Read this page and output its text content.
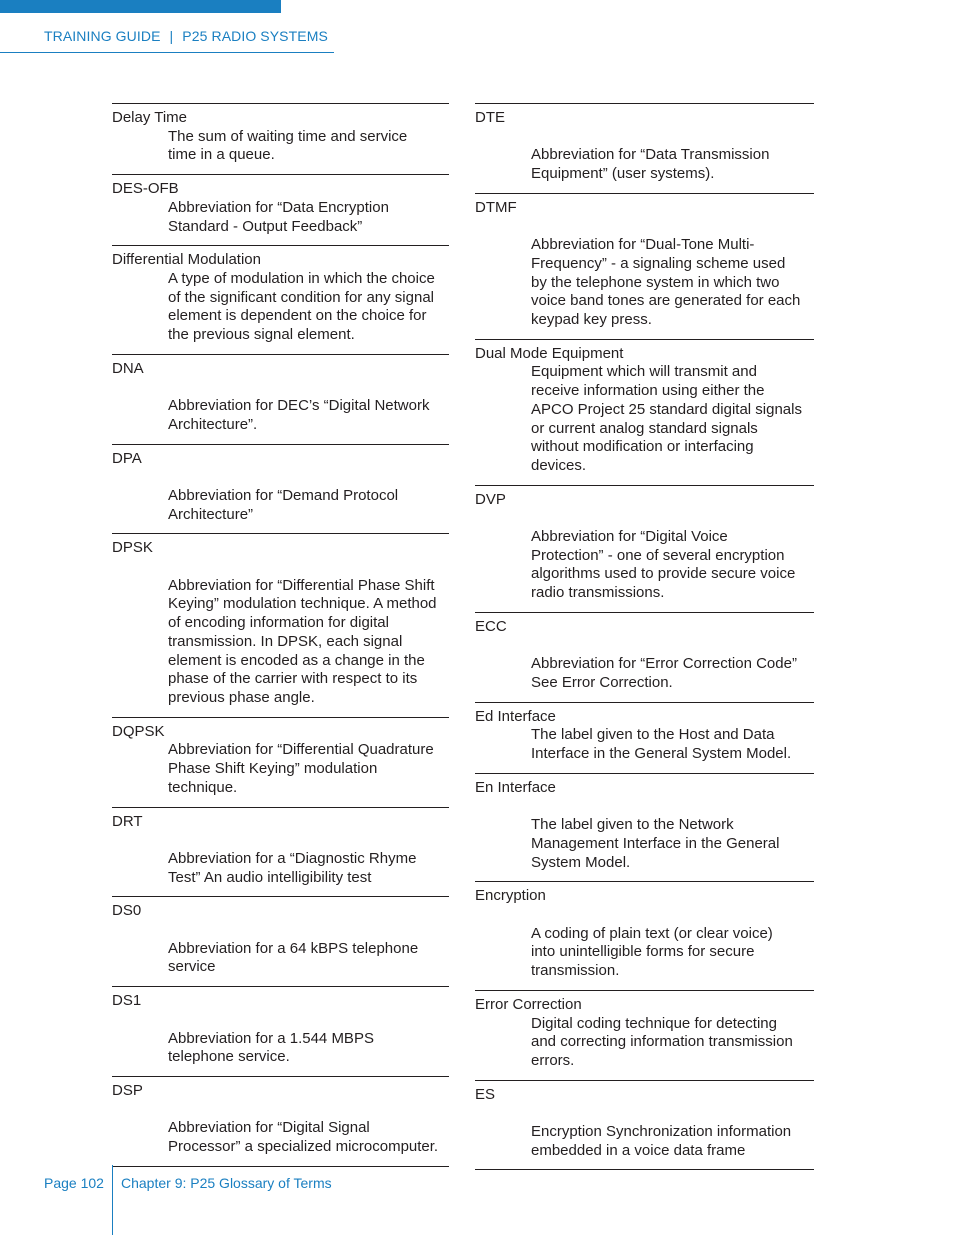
TRAINING GUIDE | P25 RADIO SYSTEMS
Delay Time
The sum of waiting time and service
time in a queue.
DES-OFB
Abbreviation for “Data Encryption
Standard - Output Feedback”
Differential Modulation
A type of modulation in which the choice
of the significant condition for any signal
element is dependent on the choice for
the previous signal element.
DNA

Abbreviation for DEC’s “Digital Network
Architecture”.
DPA

Abbreviation for “Demand Protocol
Architecture”
DPSK

Abbreviation for “Differential Phase Shift
Keying” modulation technique. A method
of encoding information for digital
transmission. In DPSK, each signal
element is encoded as a change in the
phase of the carrier with respect to its
previous phase angle.
DQPSK
Abbreviation for “Differential Quadrature
Phase Shift Keying” modulation
technique.
DRT

Abbreviation for a “Diagnostic Rhyme
Test” An audio intelligibility test
DS0

Abbreviation for a 64 kBPS telephone
service
DS1

Abbreviation for a 1.544 MBPS
telephone service.
DSP

Abbreviation for “Digital Signal
Processor” a specialized microcomputer.
DTE

Abbreviation for “Data Transmission
Equipment” (user systems).
DTMF

Abbreviation for “Dual-Tone Multi-
Frequency” - a signaling scheme used
by the telephone system in which two
voice band tones are generated for each
keypad key press.
Dual Mode Equipment
Equipment which will transmit and
receive information using either the
APCO Project 25 standard digital signals
or current analog standard signals
without modification or interfacing
devices.
DVP

Abbreviation for “Digital Voice
Protection” - one of several encryption
algorithms used to provide secure voice
radio transmissions.
ECC

Abbreviation for “Error Correction Code”
See Error Correction.
Ed Interface
The label given to the Host and Data
Interface in the General System Model.
En Interface

The label given to the Network
Management Interface in the General
System Model.
Encryption

A coding of plain text (or clear voice)
into unintelligible forms for secure
transmission.
Error Correction
Digital coding technique for detecting
and correcting information transmission
errors.
ES

Encryption Synchronization information
embedded in a voice data frame
Page 102 Chapter 9: P25 Glossary of Terms
